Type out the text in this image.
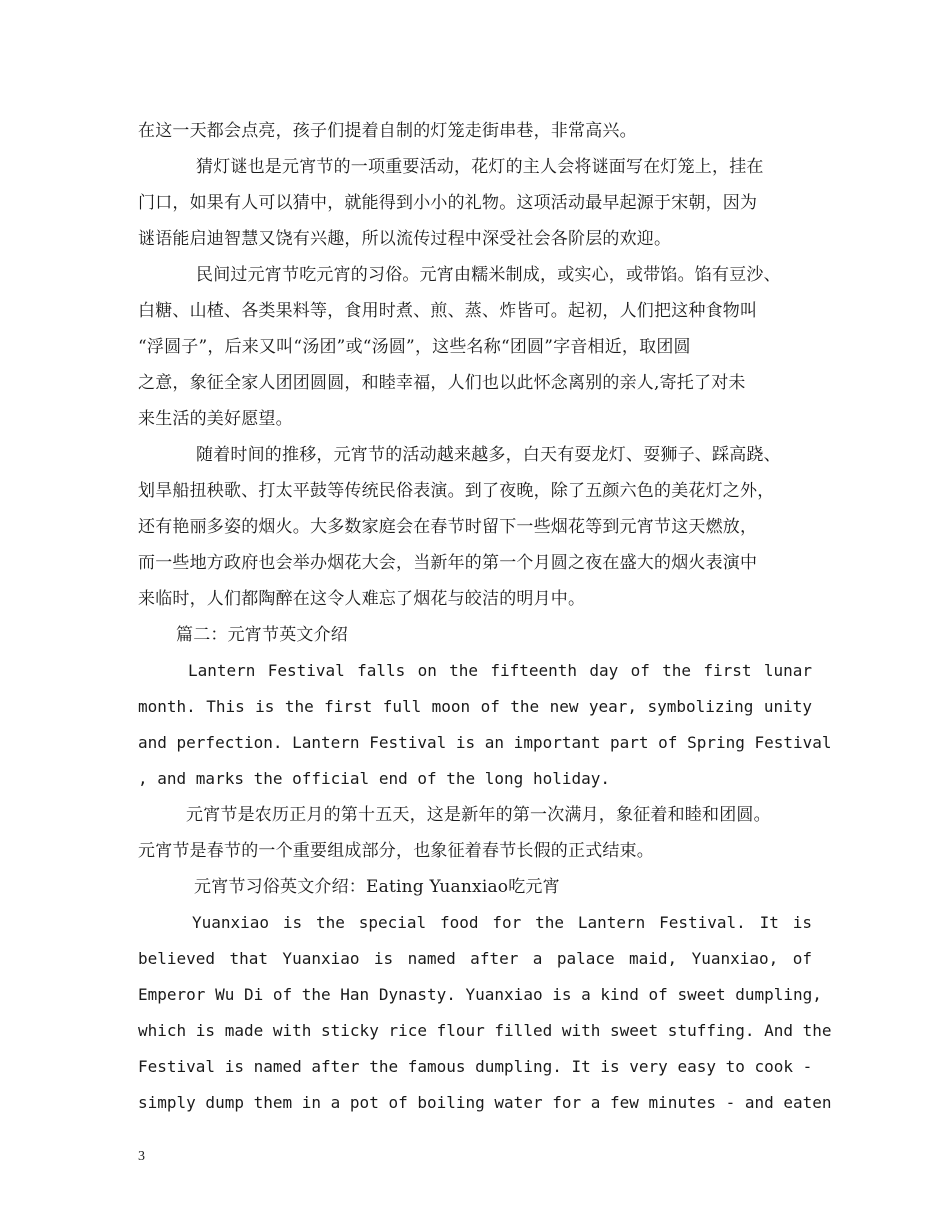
在这一天都会点亮，孩子们提着自制的灯笼走街串巷，非常高兴。

猜灯谜也是元宵节的一项重要活动，花灯的主人会将谜面写在灯笼上，挂在

门口，如果有人可以猜中，就能得到小小的礼物。这项活动最早起源于宋朝，因为

谜语能启迪智慧又饶有兴趣，所以流传过程中深受社会各阶层的欢迎。

民间过元宵节吃元宵的习俗。元宵由糯米制成，或实心，或带馅。馅有豆沙、

白糖、山楂、各类果料等，食用时煮、煎、蒸、炸皆可。起初，人们把这种食物叫

“浮圆子”，后来又叫“汤团”或“汤圆”，这些名称“团圆”字音相近，取团圆

之意，象征全家人团团圆圆，和睦幸福，人们也以此怀念离别的亲人,寄托了对未

来生活的美好愿望。

随着时间的推移，元宵节的活动越来越多，白天有耍龙灯、耍狮子、踩高跷、

划旱船扭秧歌、打太平鼓等传统民俗表演。到了夜晚，除了五颜六色的美花灯之外，

还有艳丽多姿的烟火。大多数家庭会在春节时留下一些烟花等到元宵节这天燃放，

而一些地方政府也会举办烟花大会，当新年的第一个月圆之夜在盛大的烟火表演中

来临时，人们都陶醉在这令人难忘了烟花与皎洁的明月中。

篇二：元宵节英文介绍

Lantern Festival falls on the fifteenth day of the first lunar

month. This is the first full moon of the new year, symbolizing unity

and perfection. Lantern Festival is an important part of Spring Festival

, and marks the official end of the long holiday.

元宵节是农历正月的第十五天，这是新年的第一次满月，象征着和睦和团圆。

元宵节是春节的一个重要组成部分，也象征着春节长假的正式结束。

元宵节习俗英文介绍：Eating Yuanxiao吃元宵

Yuanxiao is the special food for the Lantern Festival. It is

believed that Yuanxiao is named after a palace maid, Yuanxiao, of

Emperor Wu Di of the Han Dynasty. Yuanxiao is a kind of sweet dumpling,

which is made with sticky rice flour filled with sweet stuffing. And the

Festival is named after the famous dumpling. It is very easy to cook -

simply dump them in a pot of boiling water for a few minutes - and eaten

3
